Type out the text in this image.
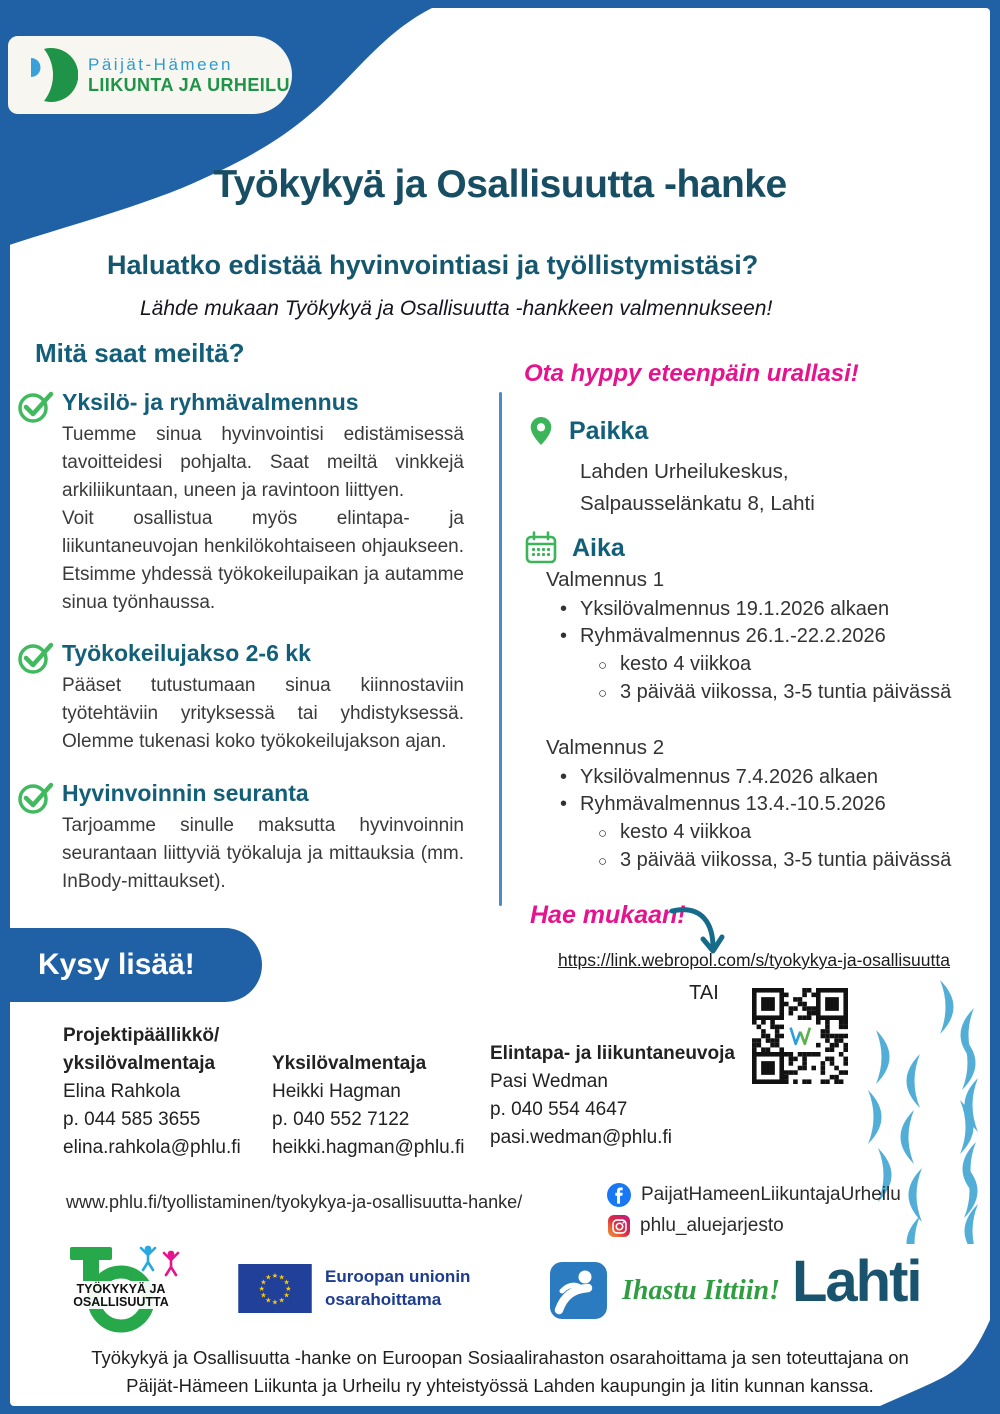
Päijät-Hämeen
LIIKUNTA JA URHEILU
Työkykyä ja Osallisuutta -hanke
Haluatko edistää hyvinvointiasi ja työllistymistäsi?

Lähde mukaan Työkykyä ja Osallisuutta -hankkeen valmennukseen!

Mitä saat meiltä?
Yksilö- ja ryhmävalmennus

Tuemme sinua hyvinvointisi edistämisessä tavoitteidesi pohjalta. Saat meiltä vinkkejä arkiliikuntaan, uneen ja ravintoon liittyen.

Voit osallistua myös elintapa- ja liikuntaneuvojan henkilökohtaiseen ohjaukseen. Etsimme yhdessä työkokeilupaikan ja autamme sinua työnhaussa.

Työkokeilujakso 2-6 kk

Pääset tutustumaan sinua kiinnostaviin työtehtäviin yrityksessä tai yhdistyksessä. Olemme tukenasi koko työkokeilujakson ajan.

Hyvinvoinnin seuranta

Tarjoamme sinulle maksutta hyvinvoinnin seurantaan liittyviä työkaluja ja mittauksia (mm. InBody-mittaukset).

Ota hyppy eteenpäin urallasi!
Paikka
Lahden Urheilukeskus,
Salpausselänkatu 8, Lahti
Aika
Valmennus 1
• Yksilövalmennus 19.1.2026 alkaen
• Ryhmävalmennus 26.1.-22.2.2026
○ kesto 4 viikkoa
○ 3 päivää viikossa, 3-5 tuntia päivässä
Valmennus 2
• Yksilövalmennus 7.4.2026 alkaen
• Ryhmävalmennus 13.4.-10.5.2026
○ kesto 4 viikkoa
○ 3 päivää viikossa, 3-5 tuntia päivässä
Hae mukaan!
https://link.webropol.com/s/tyokykya-ja-osallisuutta
TAI
Kysy lisää!
Projektipäällikkö/
yksilövalmentaja
Elina Rahkola
p. 044 585 3655
elina.rahkola@phlu.fi
Yksilövalmentaja
Heikki Hagman
p. 040 552 7122
heikki.hagman@phlu.fi
Elintapa- ja liikuntaneuvoja
Pasi Wedman
p. 040 554 4647
pasi.wedman@phlu.fi
www.phlu.fi/tyollistaminen/tyokykya-ja-osallisuutta-hanke/	PaijatHameenLiikuntajaUrheilu
phlu_aluejarjesto
TYÖKYKYÄ JA
OSALLISUUTTA
★ ★
★
★
★
★
★
★
★
★
★
★	Euroopan unionin
osarahoittama	Ihastu Iittiin! Lahti
Työkykyä ja Osallisuutta -hanke on Euroopan Sosiaalirahaston osarahoittama ja sen toteuttajana on
Päijät-Hämeen Liikunta ja Urheilu ry yhteistyössä Lahden kaupungin ja Iitin kunnan kanssa.
